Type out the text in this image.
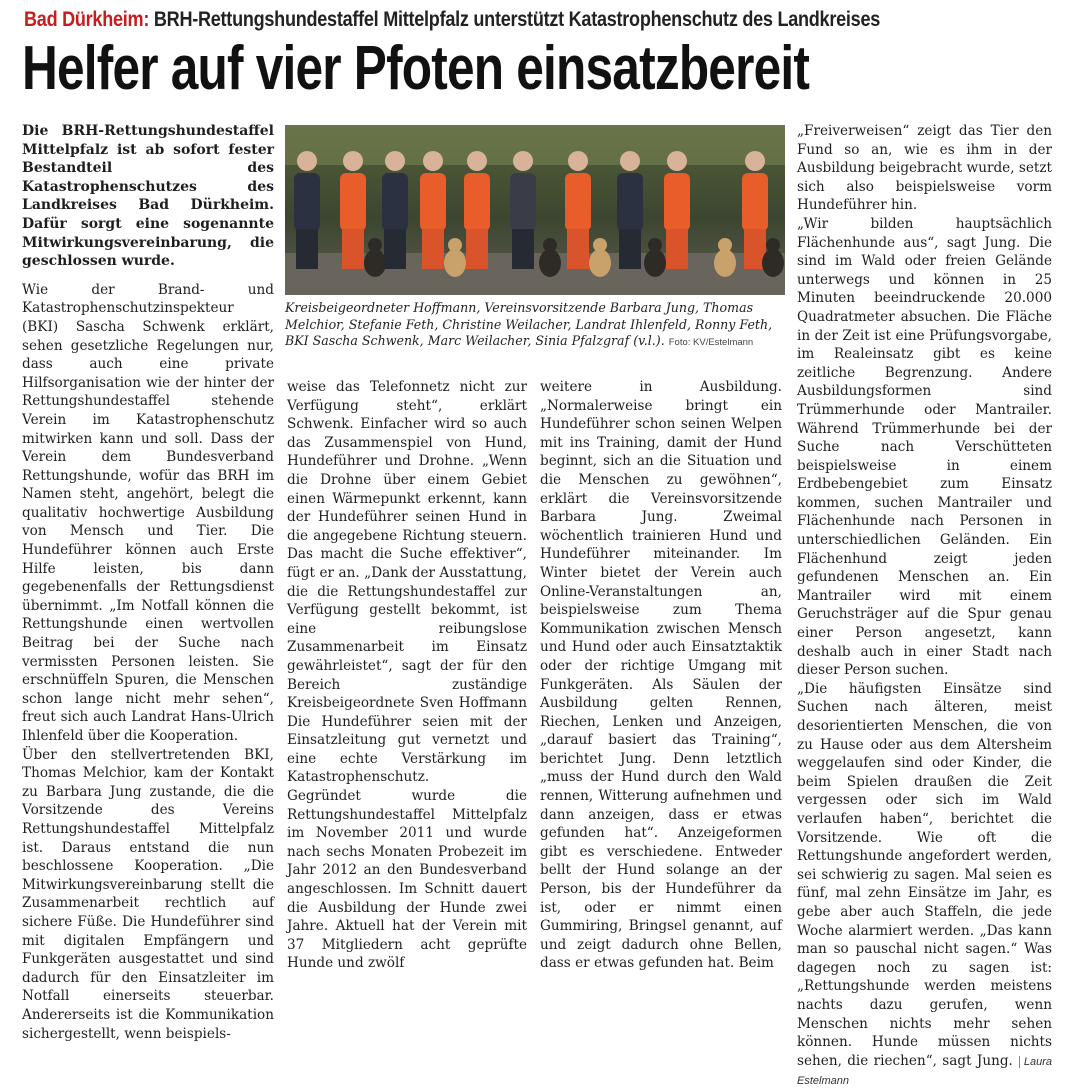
Bad Dürkheim: BRH-Rettungshundestaffel Mittelpfalz unterstützt Katastrophenschutz des Landkreises
Helfer auf vier Pfoten einsatzbereit

Die BRH-Rettungshundestaffel Mittelpfalz ist ab sofort fester Bestandteil des Katastrophenschutzes des Landkreises Bad Dürkheim. Dafür sorgt eine sogenannte Mitwirkungsvereinbarung, die geschlossen wurde.

Wie der Brand- und Katastrophenschutzinspekteur (BKI) Sascha Schwenk erklärt, sehen gesetzliche Regelungen nur, dass auch eine private Hilfsorganisation wie der hinter der Rettungshundestaffel stehende Verein im Katastrophenschutz mitwirken kann und soll. Dass der Verein dem Bundesverband Rettungshunde, wofür das BRH im Namen steht, angehört, belegt die qualitativ hochwertige Ausbildung von Mensch und Tier. Die Hundeführer können auch Erste Hilfe leisten, bis dann gegebenenfalls der Rettungsdienst übernimmt. „Im Notfall können die Rettungshunde einen wertvollen Beitrag bei der Suche nach vermissten Personen leisten. Sie erschnüffeln Spuren, die Menschen schon lange nicht mehr sehen“, freut sich auch Landrat Hans-Ulrich Ihlenfeld über die Kooperation.

Über den stellvertretenden BKI, Thomas Melchior, kam der Kontakt zu Barbara Jung zustande, die die Vorsitzende des Vereins Rettungshundestaffel Mittelpfalz ist. Daraus entstand die nun beschlossene Kooperation. „Die Mitwirkungsvereinbarung stellt die Zusammenarbeit rechtlich auf sichere Füße. Die Hundeführer sind mit digitalen Empfängern und Funkgeräten ausgestattet und sind dadurch für den Einsatzleiter im Notfall einerseits steuerbar. Andererseits ist die Kommunikation sichergestellt, wenn beispiels-

Kreisbeigeordneter Hoffmann, Vereinsvorsitzende Barbara Jung, Thomas Melchior, Stefanie Feth, Christine Weilacher, Landrat Ihlenfeld, Ronny Feth, BKI Sascha Schwenk, Marc Weilacher, Sinia Pfalzgraf (v.l.). Foto: KV/Estelmann

weise das Telefonnetz nicht zur Verfügung steht“, erklärt Schwenk. Einfacher wird so auch das Zusammenspiel von Hund, Hundeführer und Drohne. „Wenn die Drohne über einem Gebiet einen Wärmepunkt erkennt, kann der Hundeführer seinen Hund in die angegebene Richtung steuern. Das macht die Suche effektiver“, fügt er an. „Dank der Ausstattung, die die Rettungshundestaffel zur Verfügung gestellt bekommt, ist eine reibungslose Zusammenarbeit im Einsatz gewährleistet“, sagt der für den Bereich zuständige Kreisbeigeordnete Sven Hoffmann Die Hundeführer seien mit der Einsatzleitung gut vernetzt und eine echte Verstärkung im Katastrophenschutz.

Gegründet wurde die Rettungshundestaffel Mittelpfalz im November 2011 und wurde nach sechs Monaten Probezeit im Jahr 2012 an den Bundesverband angeschlossen. Im Schnitt dauert die Ausbildung der Hunde zwei Jahre. Aktuell hat der Verein mit 37 Mitgliedern acht geprüfte Hunde und zwölf

weitere in Ausbildung. „Normalerweise bringt ein Hundeführer schon seinen Welpen mit ins Training, damit der Hund beginnt, sich an die Situation und die Menschen zu gewöhnen“, erklärt die Vereinsvorsitzende Barbara Jung. Zweimal wöchentlich trainieren Hund und Hundeführer miteinander. Im Winter bietet der Verein auch Online-Veranstaltungen an, beispielsweise zum Thema Kommunikation zwischen Mensch und Hund oder auch Einsatztaktik oder der richtige Umgang mit Funkgeräten. Als Säulen der Ausbildung gelten Rennen, Riechen, Lenken und Anzeigen, „darauf basiert das Training“, berichtet Jung. Denn letztlich „muss der Hund durch den Wald rennen, Witterung aufnehmen und dann anzeigen, dass er etwas gefunden hat“. Anzeigeformen gibt es verschiedene. Entweder bellt der Hund solange an der Person, bis der Hundeführer da ist, oder er nimmt einen Gummiring, Bringsel genannt, auf und zeigt dadurch ohne Bellen, dass er etwas gefunden hat. Beim

„Freiverweisen“ zeigt das Tier den Fund so an, wie es ihm in der Ausbildung beigebracht wurde, setzt sich also beispielsweise vorm Hundeführer hin.

„Wir bilden hauptsächlich Flächenhunde aus“, sagt Jung. Die sind im Wald oder freien Gelände unterwegs und können in 25 Minuten beeindruckende 20.000 Quadratmeter absuchen. Die Fläche in der Zeit ist eine Prüfungsvorgabe, im Realeinsatz gibt es keine zeitliche Begrenzung. Andere Ausbildungsformen sind Trümmerhunde oder Mantrailer. Während Trümmerhunde bei der Suche nach Verschütteten beispielsweise in einem Erdbebengebiet zum Einsatz kommen, suchen Mantrailer und Flächenhunde nach Personen in unterschiedlichen Geländen. Ein Flächenhund zeigt jeden gefundenen Menschen an. Ein Mantrailer wird mit einem Geruchsträger auf die Spur genau einer Person angesetzt, kann deshalb auch in einer Stadt nach dieser Person suchen.

„Die häufigsten Einsätze sind Suchen nach älteren, meist desorientierten Menschen, die von zu Hause oder aus dem Altersheim weggelaufen sind oder Kinder, die beim Spielen draußen die Zeit vergessen oder sich im Wald verlaufen haben“, berichtet die Vorsitzende. Wie oft die Rettungshunde angefordert werden, sei schwierig zu sagen. Mal seien es fünf, mal zehn Einsätze im Jahr, es gebe aber auch Staffeln, die jede Woche alarmiert werden. „Das kann man so pauschal nicht sagen.“ Was dagegen noch zu sagen ist: „Rettungshunde werden meistens nachts dazu gerufen, wenn Menschen nichts mehr sehen können. Hunde müssen nichts sehen, die riechen“, sagt Jung. Laura Estelmann
